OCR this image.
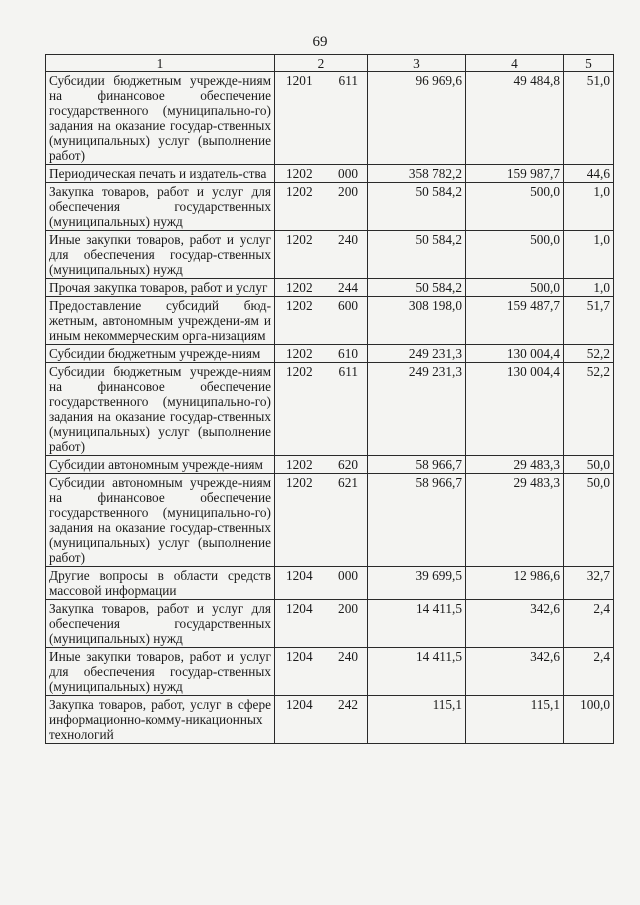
69
1	2	3	4	5
Субсидии бюджетным учрежде-ниям на финансовое обеспечение государственного (муниципально-го) задания на оказание государ-ственных (муниципальных) услуг (выполнение работ)	1201 611	96 969,6	49 484,8	51,0
Периодическая печать и издатель-ства	1202 000	358 782,2	159 987,7	44,6
Закупка товаров, работ и услуг для обеспечения государственных (муниципальных) нужд	1202 200	50 584,2	500,0	1,0
Иные закупки товаров, работ и услуг для обеспечения государ-ственных (муниципальных) нужд	1202 240	50 584,2	500,0	1,0
Прочая закупка товаров, работ и услуг	1202 244	50 584,2	500,0	1,0
Предоставление субсидий бюд-жетным, автономным учреждени-ям и иным некоммерческим орга-низациям	1202 600	308 198,0	159 487,7	51,7
Субсидии бюджетным учрежде-ниям	1202 610	249 231,3	130 004,4	52,2
Субсидии бюджетным учрежде-ниям на финансовое обеспечение государственного (муниципально-го) задания на оказание государ-ственных (муниципальных) услуг (выполнение работ)	1202 611	249 231,3	130 004,4	52,2
Субсидии автономным учрежде-ниям	1202 620	58 966,7	29 483,3	50,0
Субсидии автономным учрежде-ниям на финансовое обеспечение государственного (муниципально-го) задания на оказание государ-ственных (муниципальных) услуг (выполнение работ)	1202 621	58 966,7	29 483,3	50,0
Другие вопросы в области средств массовой информации	1204 000	39 699,5	12 986,6	32,7
Закупка товаров, работ и услуг для обеспечения государственных (муниципальных) нужд	1204 200	14 411,5	342,6	2,4
Иные закупки товаров, работ и услуг для обеспечения государ-ственных (муниципальных) нужд	1204 240	14 411,5	342,6	2,4
Закупка товаров, работ, услуг в сфере информационно-комму-никационных технологий	1204 242	115,1	115,1	100,0
